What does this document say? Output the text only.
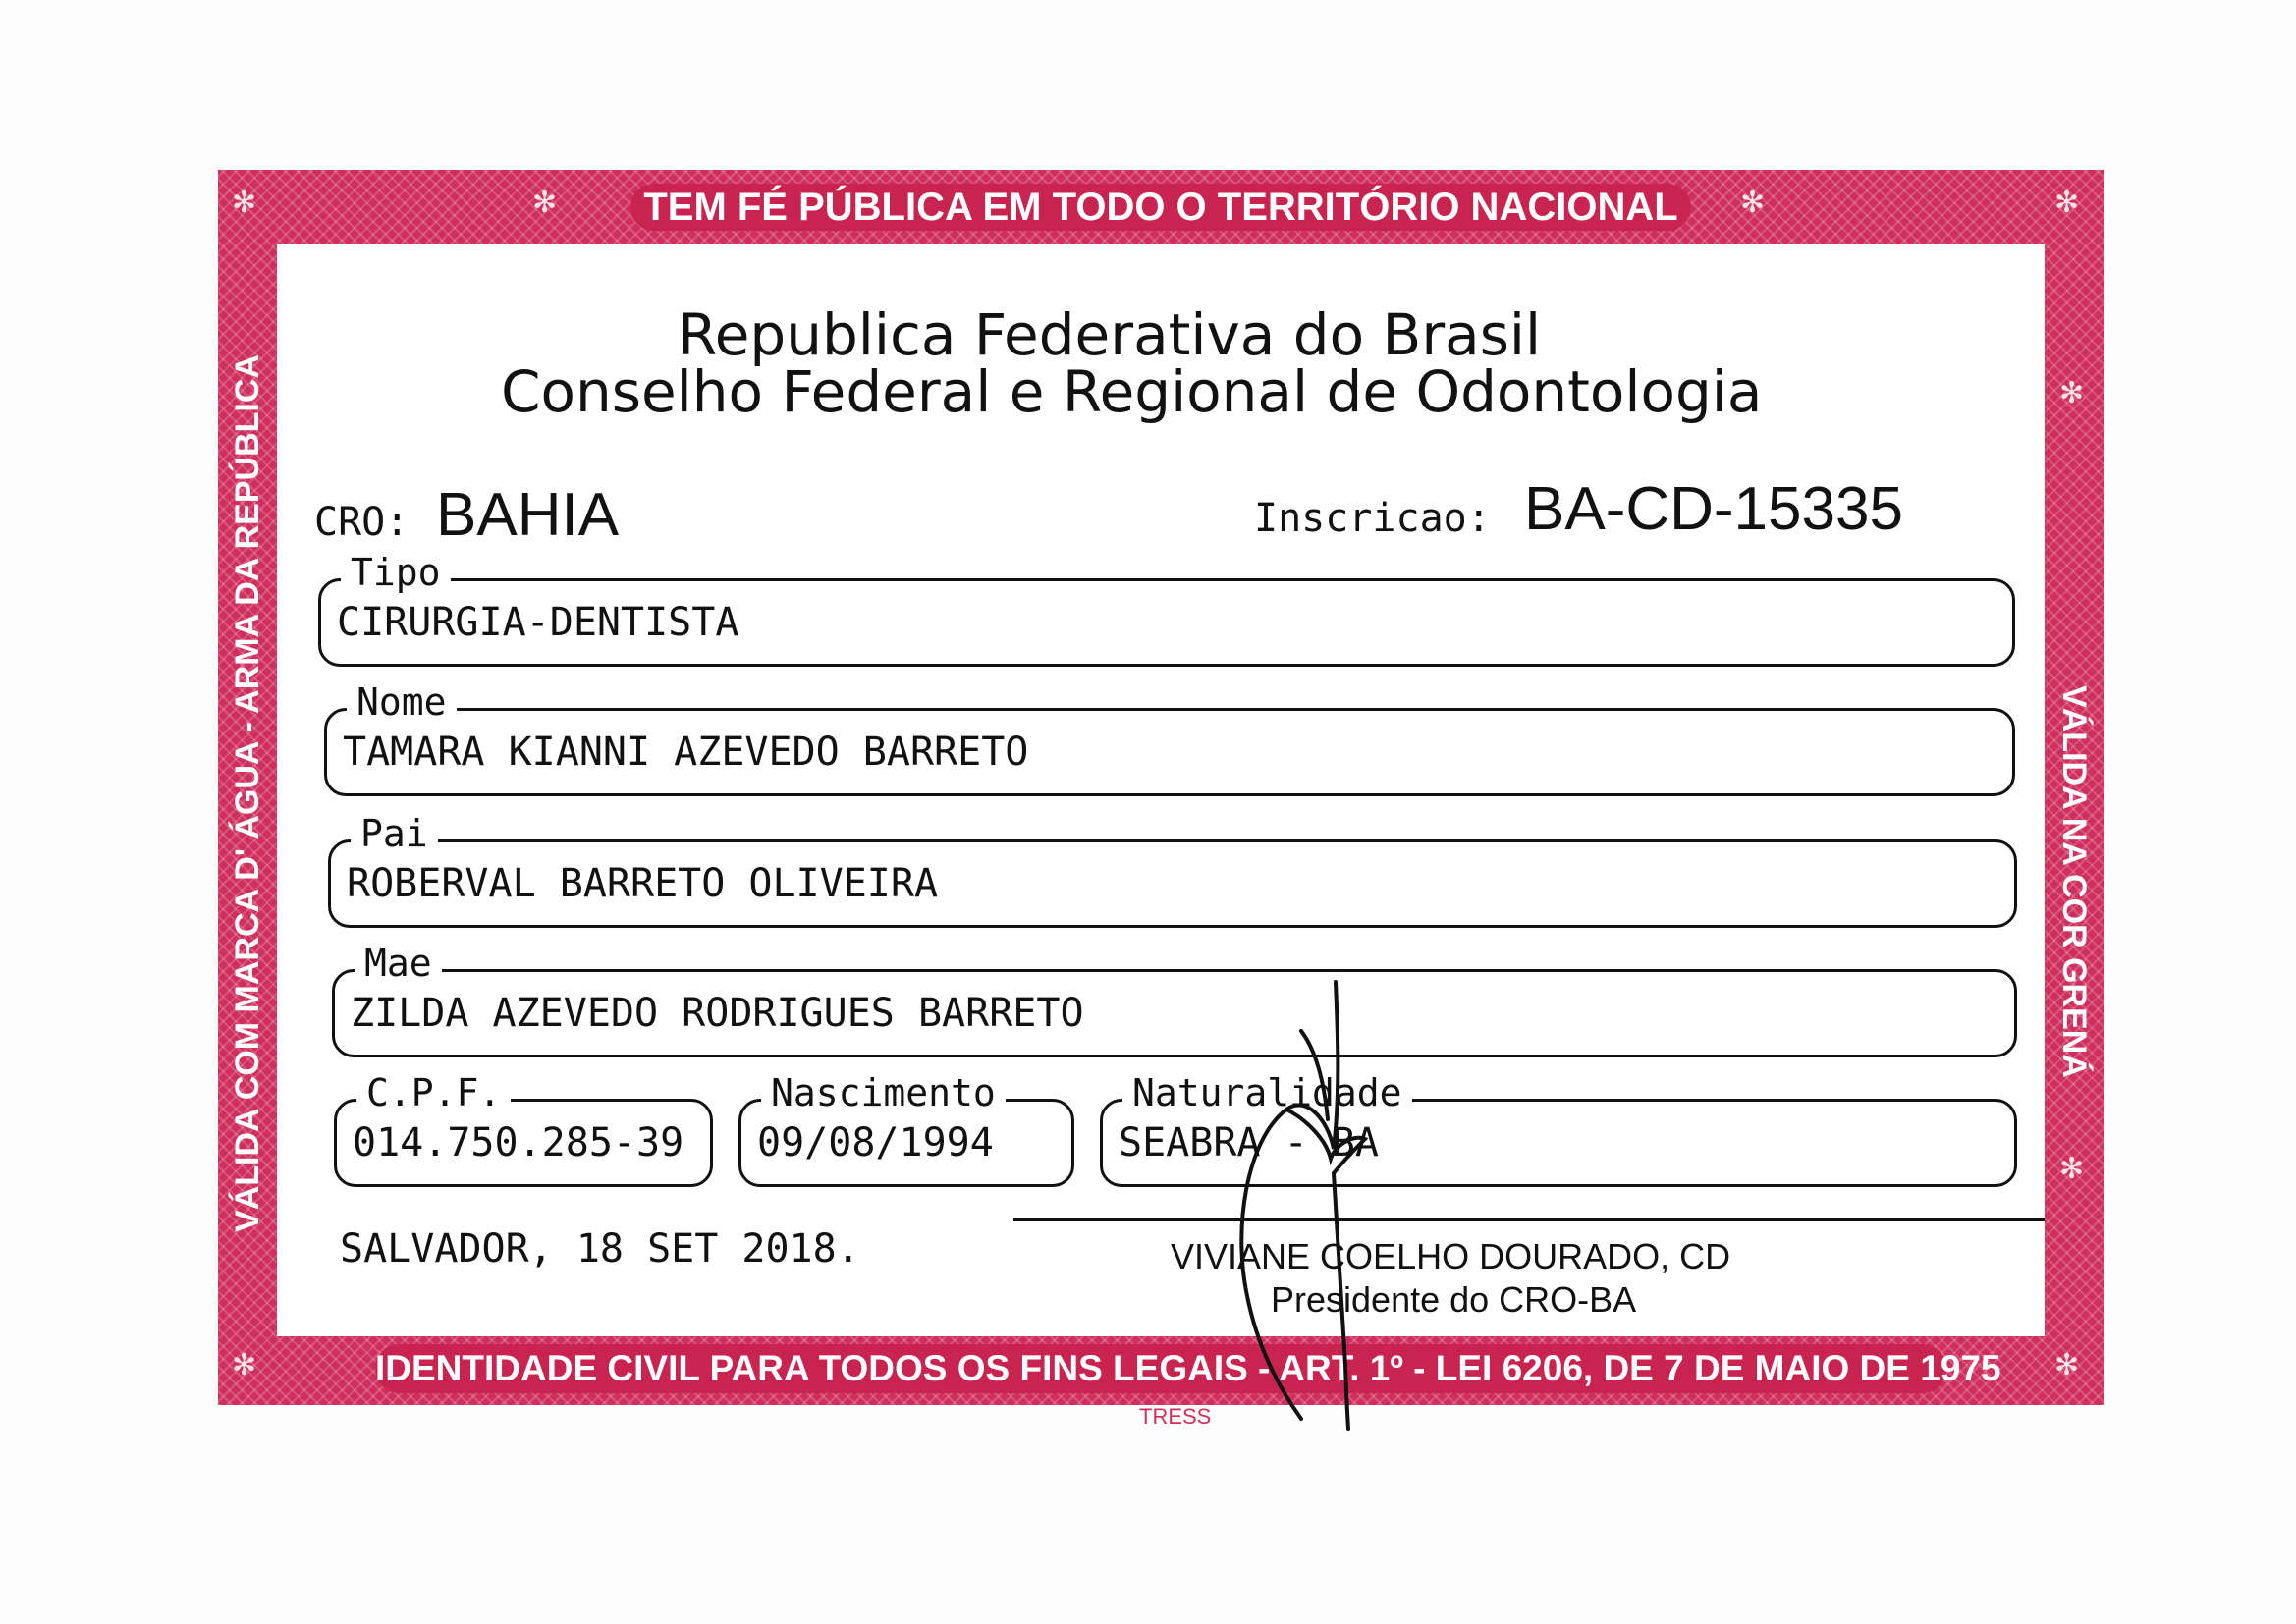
✻	✻	✻	✻
✻	✻
✻
✻
TEM FÉ PÚBLICA EM TODO O TERRITÓRIO NACIONAL
IDENTIDADE CIVIL PARA TODOS OS FINS LEGAIS - ART. 1º - LEI 6206, DE 7 DE MAIO DE 1975
VÁLIDA COM MARCA D' ÁGUA - ARMA DA REPÚBLICA	VÁLIDA NA COR GRENÁ
Republica Federativa do Brasil
Conselho Federal e Regional de Odontologia
CRO: BAHIA	Inscricao: BA-CD-15335
Tipo
CIRURGIA-DENTISTA
Nome
TAMARA KIANNI AZEVEDO BARRETO
Pai
ROBERVAL BARRETO OLIVEIRA
Mae
ZILDA AZEVEDO RODRIGUES BARRETO
C.P.F.
014.750.285-39
Nascimento
09/08/1994
Naturalidade
SEABRA - BA
SALVADOR, 18 SET 2018.	VIVIANE COELHO DOURADO, CD
Presidente do CRO-BA
TRESS
